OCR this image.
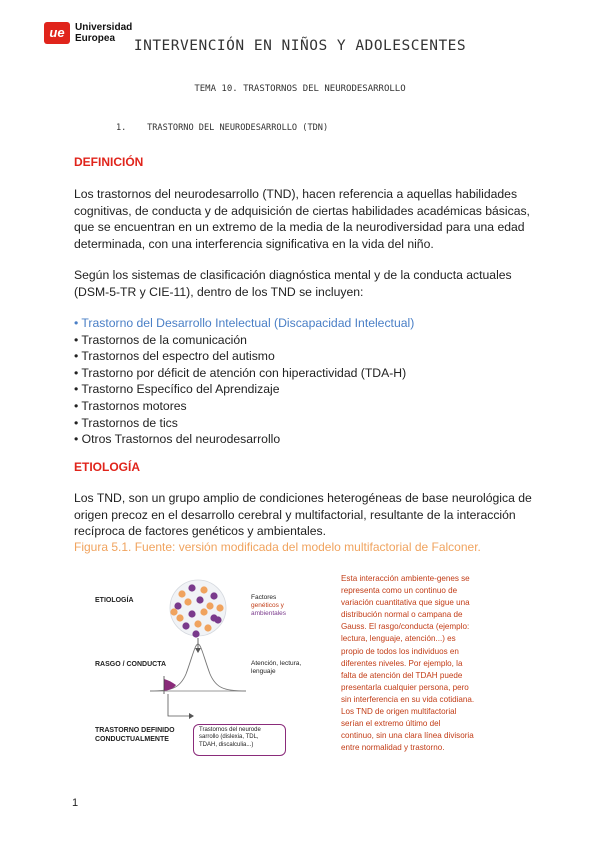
ue	Universidad
Europea	INTERVENCIÓN EN NIÑOS Y ADOLESCENTES
TEMA 10. TRASTORNOS DEL NEURODESARROLLO
1. TRASTORNO DEL NEURODESARROLLO (TDN)
DEFINICIÓN
Los trastornos del neurodesarrollo (TND), hacen referencia a aquellas habilidades
cognitivas, de conducta y de adquisición de ciertas habilidades académicas básicas,
que se encuentran en un extremo de la media de la neurodiversidad para una edad
determinada, con una interferencia significativa en la vida del niño.
Según los sistemas de clasificación diagnóstica mental y de la conducta actuales
(DSM-5-TR y CIE-11), dentro de los TND se incluyen:
• Trastorno del Desarrollo Intelectual (Discapacidad Intelectual)
• Trastornos de la comunicación
• Trastornos del espectro del autismo
• Trastorno por déficit de atención con hiperactividad (TDA-H)
• Trastorno Específico del Aprendizaje
• Trastornos motores
• Trastornos de tics
• Otros Trastornos del neurodesarrollo
ETIOLOGÍA
Los TND, son un grupo amplio de condiciones heterogéneas de base neurológica de
origen precoz en el desarrollo cerebral y multifactorial, resultante de la interacción
recíproca de factores genéticos y ambientales.
Figura 5.1. Fuente: versión modificada del modelo multifactorial de Falconer.
ETIOLOGÍA
RASGO / CONDUCTA
TRASTORNO DEFINIDO
CONDUCTUALMENTE
Factores
genéticos y
ambientales
Atención, lectura,
lenguaje
Trastornos del neurode
sarrollo (dislexia, TDL,
TDAH, discalculia...)
Esta interacción ambiente-genes se
representa como un continuo de
variación cuantitativa que sigue una
distribución normal o campana de
Gauss. El rasgo/conducta (ejemplo:
lectura, lenguaje, atención...) es
propio de todos los individuos en
diferentes niveles. Por ejemplo, la
falta de atención del TDAH puede
presentarla cualquier persona, pero
sin interferencia en su vida cotidiana.
Los TND de origen multifactorial
serían el extremo último del
continuo, sin una clara línea divisoria
entre normalidad y trastorno.
1
